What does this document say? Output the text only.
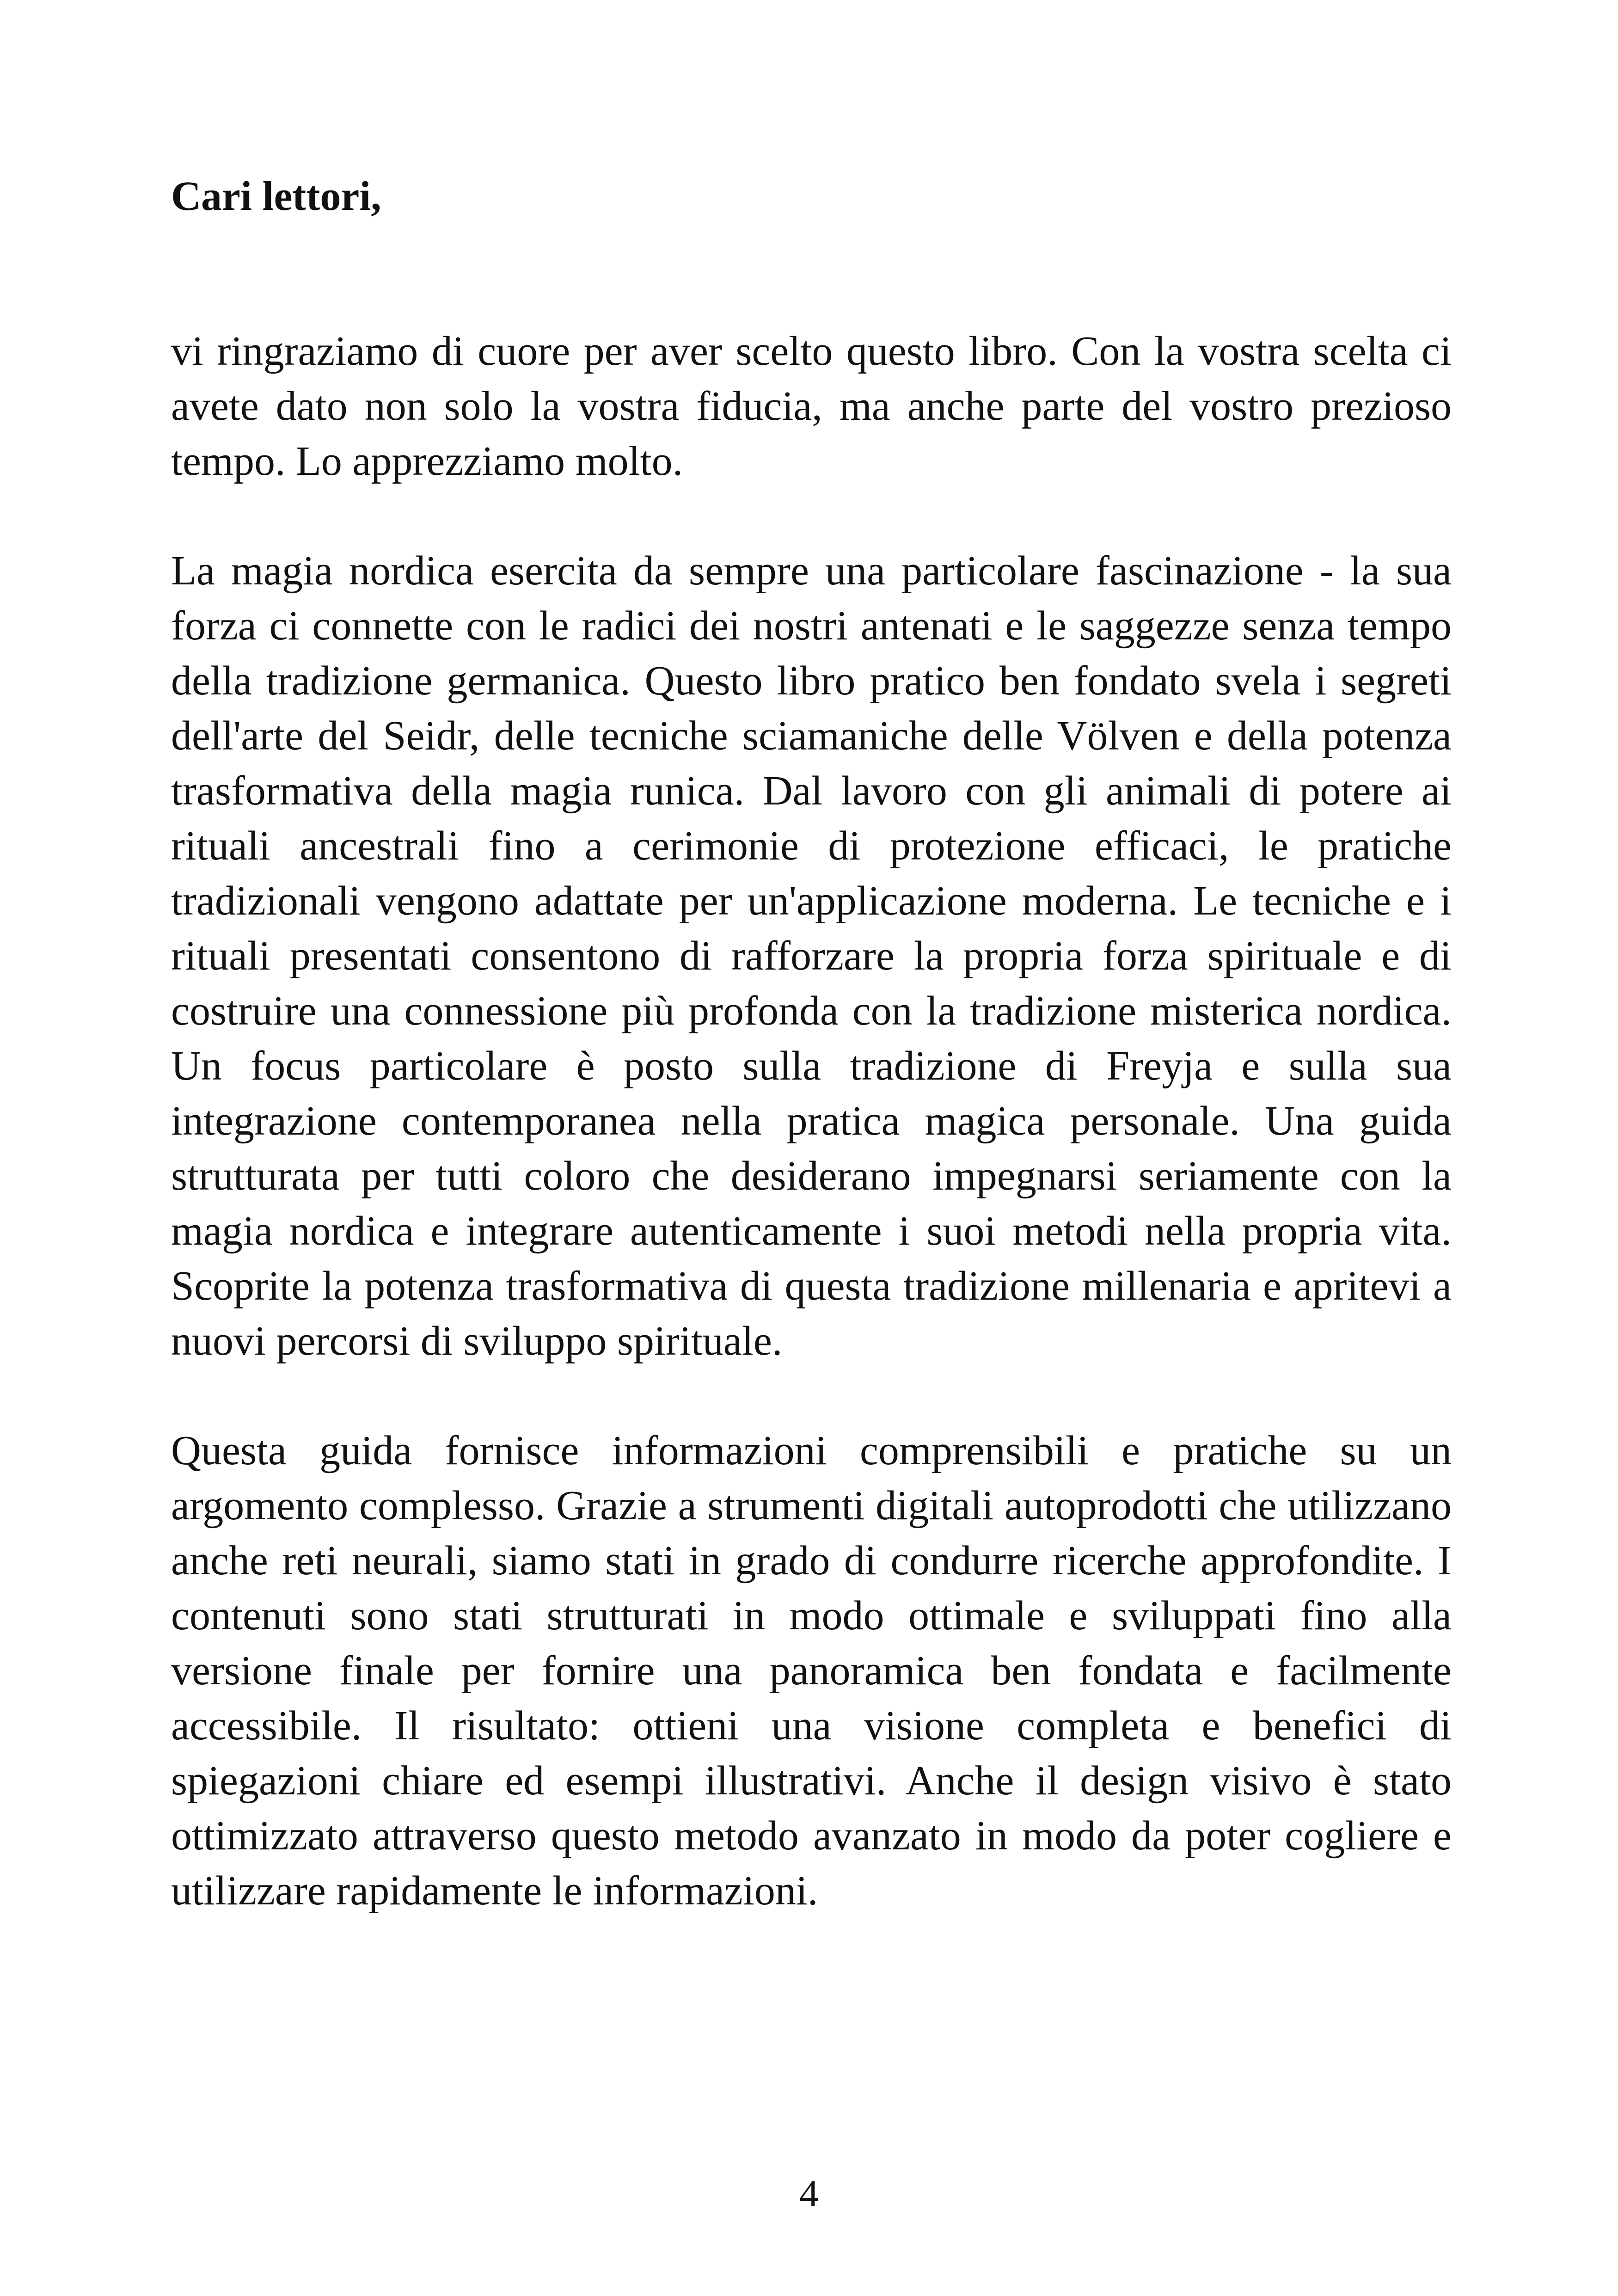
Cari lettori,

vi ringraziamo di cuore per aver scelto questo libro. Con la vostra scelta ci avete dato non solo la vostra fiducia, ma anche parte del vostro prezioso tempo. Lo apprezziamo molto.

La magia nordica esercita da sempre una particolare fascinazione - la sua forza ci connette con le radici dei nostri antenati e le saggezze senza tempo della tradizione germanica. Questo libro pratico ben fondato svela i segreti dell'arte del Seidr, delle tecniche sciamaniche delle Völven e della potenza trasformativa della magia runica. Dal lavoro con gli animali di potere ai rituali ancestrali fino a cerimonie di protezione efficaci, le pratiche tradizionali vengono adattate per un'applicazione moderna. Le tecniche e i rituali presentati consentono di rafforzare la propria forza spirituale e di costruire una connessione più profonda con la tradizione misterica nordica. Un focus particolare è posto sulla tradizione di Freyja e sulla sua integrazione contemporanea nella pratica magica personale. Una guida strutturata per tutti coloro che desiderano impegnarsi seriamente con la magia nordica e integrare autenticamente i suoi metodi nella propria vita. Scoprite la potenza trasformativa di questa tradizione millenaria e apritevi a nuovi percorsi di sviluppo spirituale.

Questa guida fornisce informazioni comprensibili e pratiche su un argomento complesso. Grazie a strumenti digitali autoprodotti che utilizzano anche reti neurali, siamo stati in grado di condurre ricerche approfondite. I contenuti sono stati strutturati in modo ottimale e sviluppati fino alla versione finale per fornire una panoramica ben fondata e facilmente accessibile. Il risultato: ottieni una visione completa e benefici di spiegazioni chiare ed esempi illustrativi. Anche il design visivo è stato ottimizzato attraverso questo metodo avanzato in modo da poter cogliere e utilizzare rapidamente le informazioni.

4
